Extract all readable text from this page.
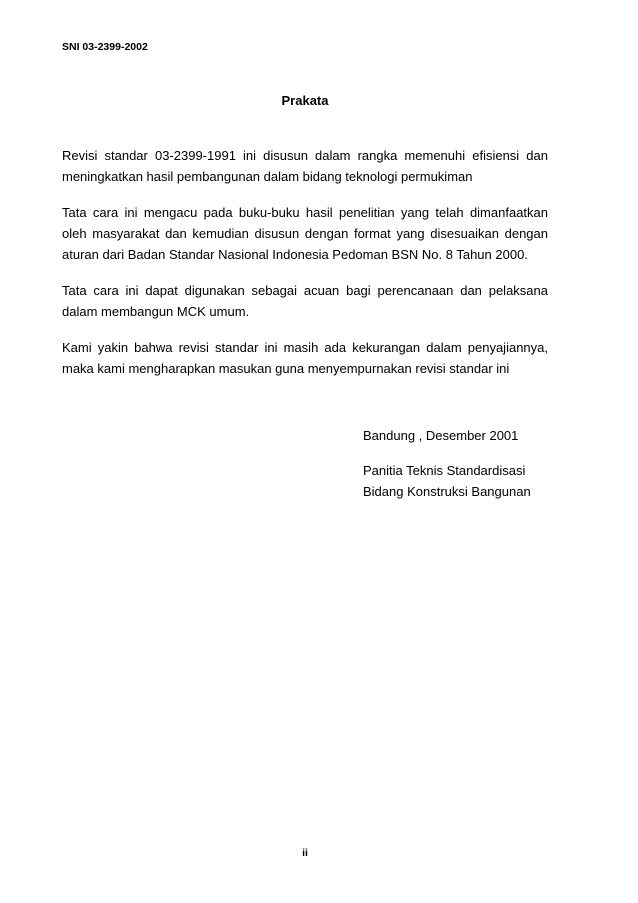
SNI 03-2399-2002
Prakata

Revisi standar 03-2399-1991 ini disusun dalam rangka memenuhi efisiensi dan meningkatkan hasil pembangunan dalam bidang teknologi permukiman

Tata cara ini mengacu pada buku-buku hasil penelitian yang telah dimanfaatkan oleh masyarakat dan kemudian disusun dengan format yang disesuaikan dengan aturan dari Badan Standar Nasional Indonesia Pedoman BSN No. 8 Tahun 2000.

Tata cara ini dapat digunakan sebagai acuan bagi perencanaan dan pelaksana dalam membangun MCK umum.

Kami yakin bahwa revisi standar ini masih ada kekurangan dalam penyajiannya, maka kami mengharapkan masukan guna menyempurnakan revisi standar ini

Bandung , Desember 2001

Panitia Teknis Standardisasi

Bidang Konstruksi Bangunan

ii
